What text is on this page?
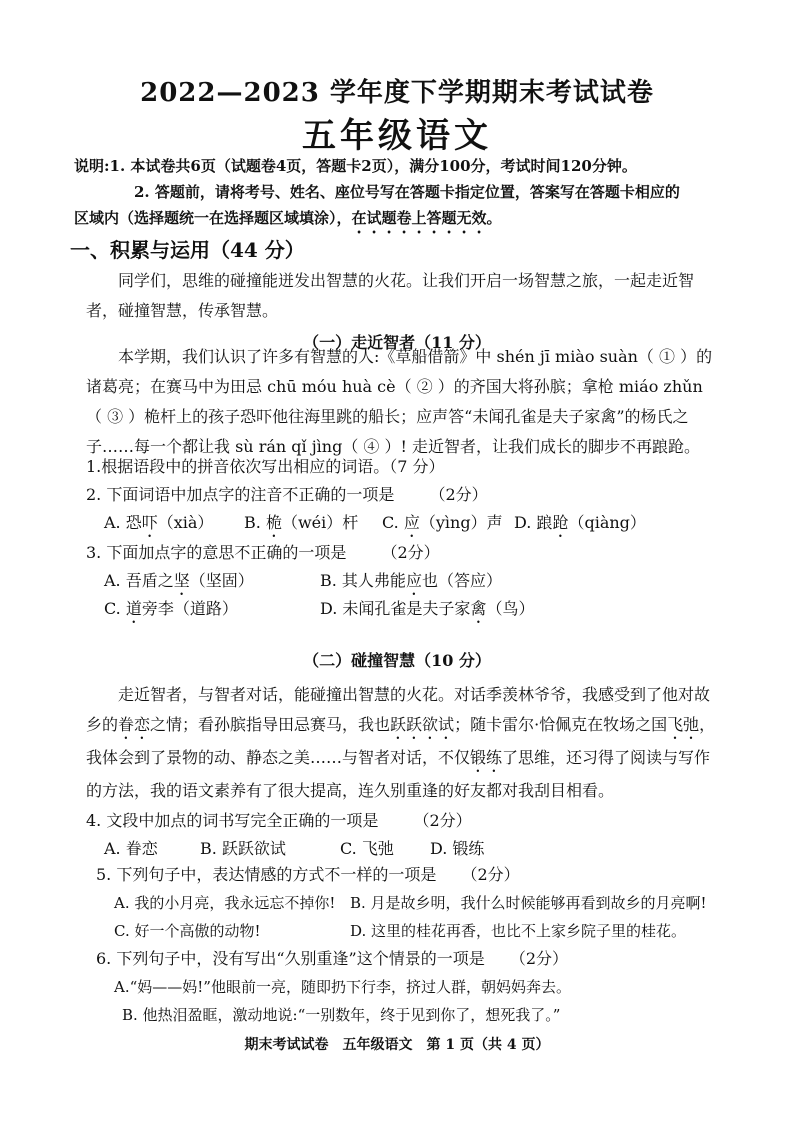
2022—2023 学年度下学期期末考试试卷
五年级语文
说明:1. 本试卷共6页（试题卷4页，答题卡2页），满分100分，考试时间120分钟。
2. 答题前，请将考号、姓名、座位号写在答题卡指定位置，答案写在答题卡相应的
区域内（选择题统一在选择题区域填涂），在试题卷上答题无效。
一、积累与运用（44 分）
同学们，思维的碰撞能迸发出智慧的火花。让我们开启一场智慧之旅，一起走近智者，碰撞智慧，传承智慧。
（一）走近智者（11 分）
本学期，我们认识了许多有智慧的人:《草船借箭》中 shén jī miào suàn（ ① ）的诸葛亮；在赛马中为田忌 chū móu huà cè（ ② ）的齐国大将孙膑；拿枪 miáo zhǔn（ ③ ）桅杆上的孩子恐吓他往海里跳的船长；应声答“未闻孔雀是夫子家禽”的杨氏之子……每一个都让我 sù rán qǐ jìng（ ④ ）! 走近智者，让我们成长的脚步不再踉跄。
1.根据语段中的拼音依次写出相应的词语。（7 分）
2. 下面词语中加点字的注音不正确的一项是 （2分）
A. 恐吓（xià） B. 桅（wéi）杆 C. 应（yìng）声 D. 踉跄（qiàng）
3. 下面加点字的意思不正确的一项是 （2分）
A. 吾盾之坚（坚固）	B. 其人弗能应也（答应）
C. 道旁李（道路）	D. 未闻孔雀是夫子家禽（鸟）
（二）碰撞智慧（10 分）
走近智者，与智者对话，能碰撞出智慧的火花。对话季羡林爷爷，我感受到了他对故乡的眷恋之情；看孙膑指导田忌赛马，我也跃跃欲试；随卡雷尔·恰佩克在牧场之国飞弛，我体会到了景物的动、静态之美……与智者对话，不仅锻练了思维，还习得了阅读与写作的方法，我的语文素养有了很大提高，连久别重逢的好友都对我刮目相看。
4. 文段中加点的词书写完全正确的一项是 （2分）
A. 眷恋	B. 跃跃欲试	C. 飞弛 D. 锻练
5. 下列句子中，表达情感的方式不一样的一项是 （2分）
A. 我的小月亮，我永远忘不掉你! B. 月是故乡明，我什么时候能够再看到故乡的月亮啊!
C. 好一个高傲的动物!	D. 这里的桂花再香，也比不上家乡院子里的桂花。
6. 下列句子中，没有写出“久别重逢”这个情景的一项是 （2分）
A.“妈——妈!”他眼前一亮，随即扔下行李，挤过人群，朝妈妈奔去。
期末考试试卷　五年级语文　第 1 页（共 4 页）
B. 他热泪盈眶，激动地说:“一别数年，终于见到你了，想死我了。”
